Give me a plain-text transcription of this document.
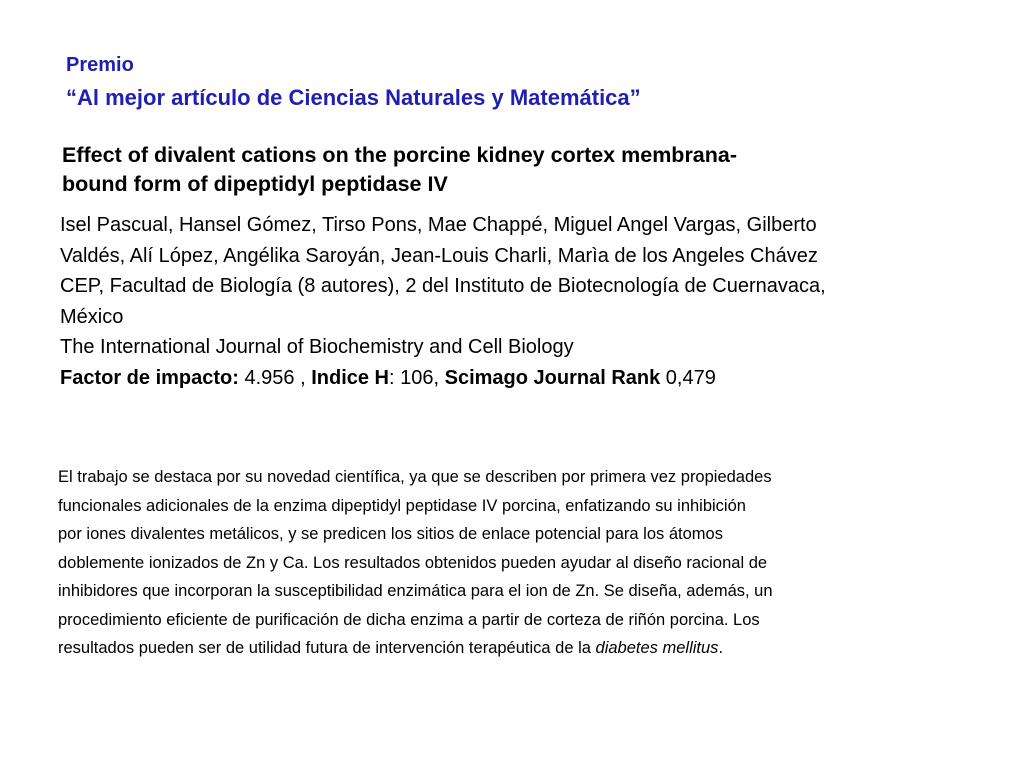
Premio
“Al mejor artículo de Ciencias Naturales y Matemática”
Effect of divalent cations on the porcine kidney cortex membrana-
bound form of dipeptidyl peptidase IV
Isel Pascual, Hansel Gómez, Tirso Pons, Mae Chappé, Miguel Angel Vargas, Gilberto
Valdés, Alí López, Angélika Saroyán, Jean-Louis Charli, Marìa de los Angeles Chávez
CEP, Facultad de Biología (8 autores), 2 del Instituto de Biotecnología de Cuernavaca,
México
The International Journal of Biochemistry and Cell Biology
Factor de impacto: 4.956 , Indice H: 106, Scimago Journal Rank 0,479
El trabajo se destaca por su novedad científica, ya que se describen por primera vez propiedades
funcionales adicionales de la enzima dipeptidyl peptidase IV porcina, enfatizando su inhibición
por iones divalentes metálicos, y se predicen los sitios de enlace potencial para los átomos
doblemente ionizados de Zn y Ca. Los resultados obtenidos pueden ayudar al diseño racional de
inhibidores que incorporan la susceptibilidad enzimática para el ion de Zn. Se diseña, además, un
procedimiento eficiente de purificación de dicha enzima a partir de corteza de riñón porcina. Los
resultados pueden ser de utilidad futura de intervención terapéutica de la diabetes mellitus.
